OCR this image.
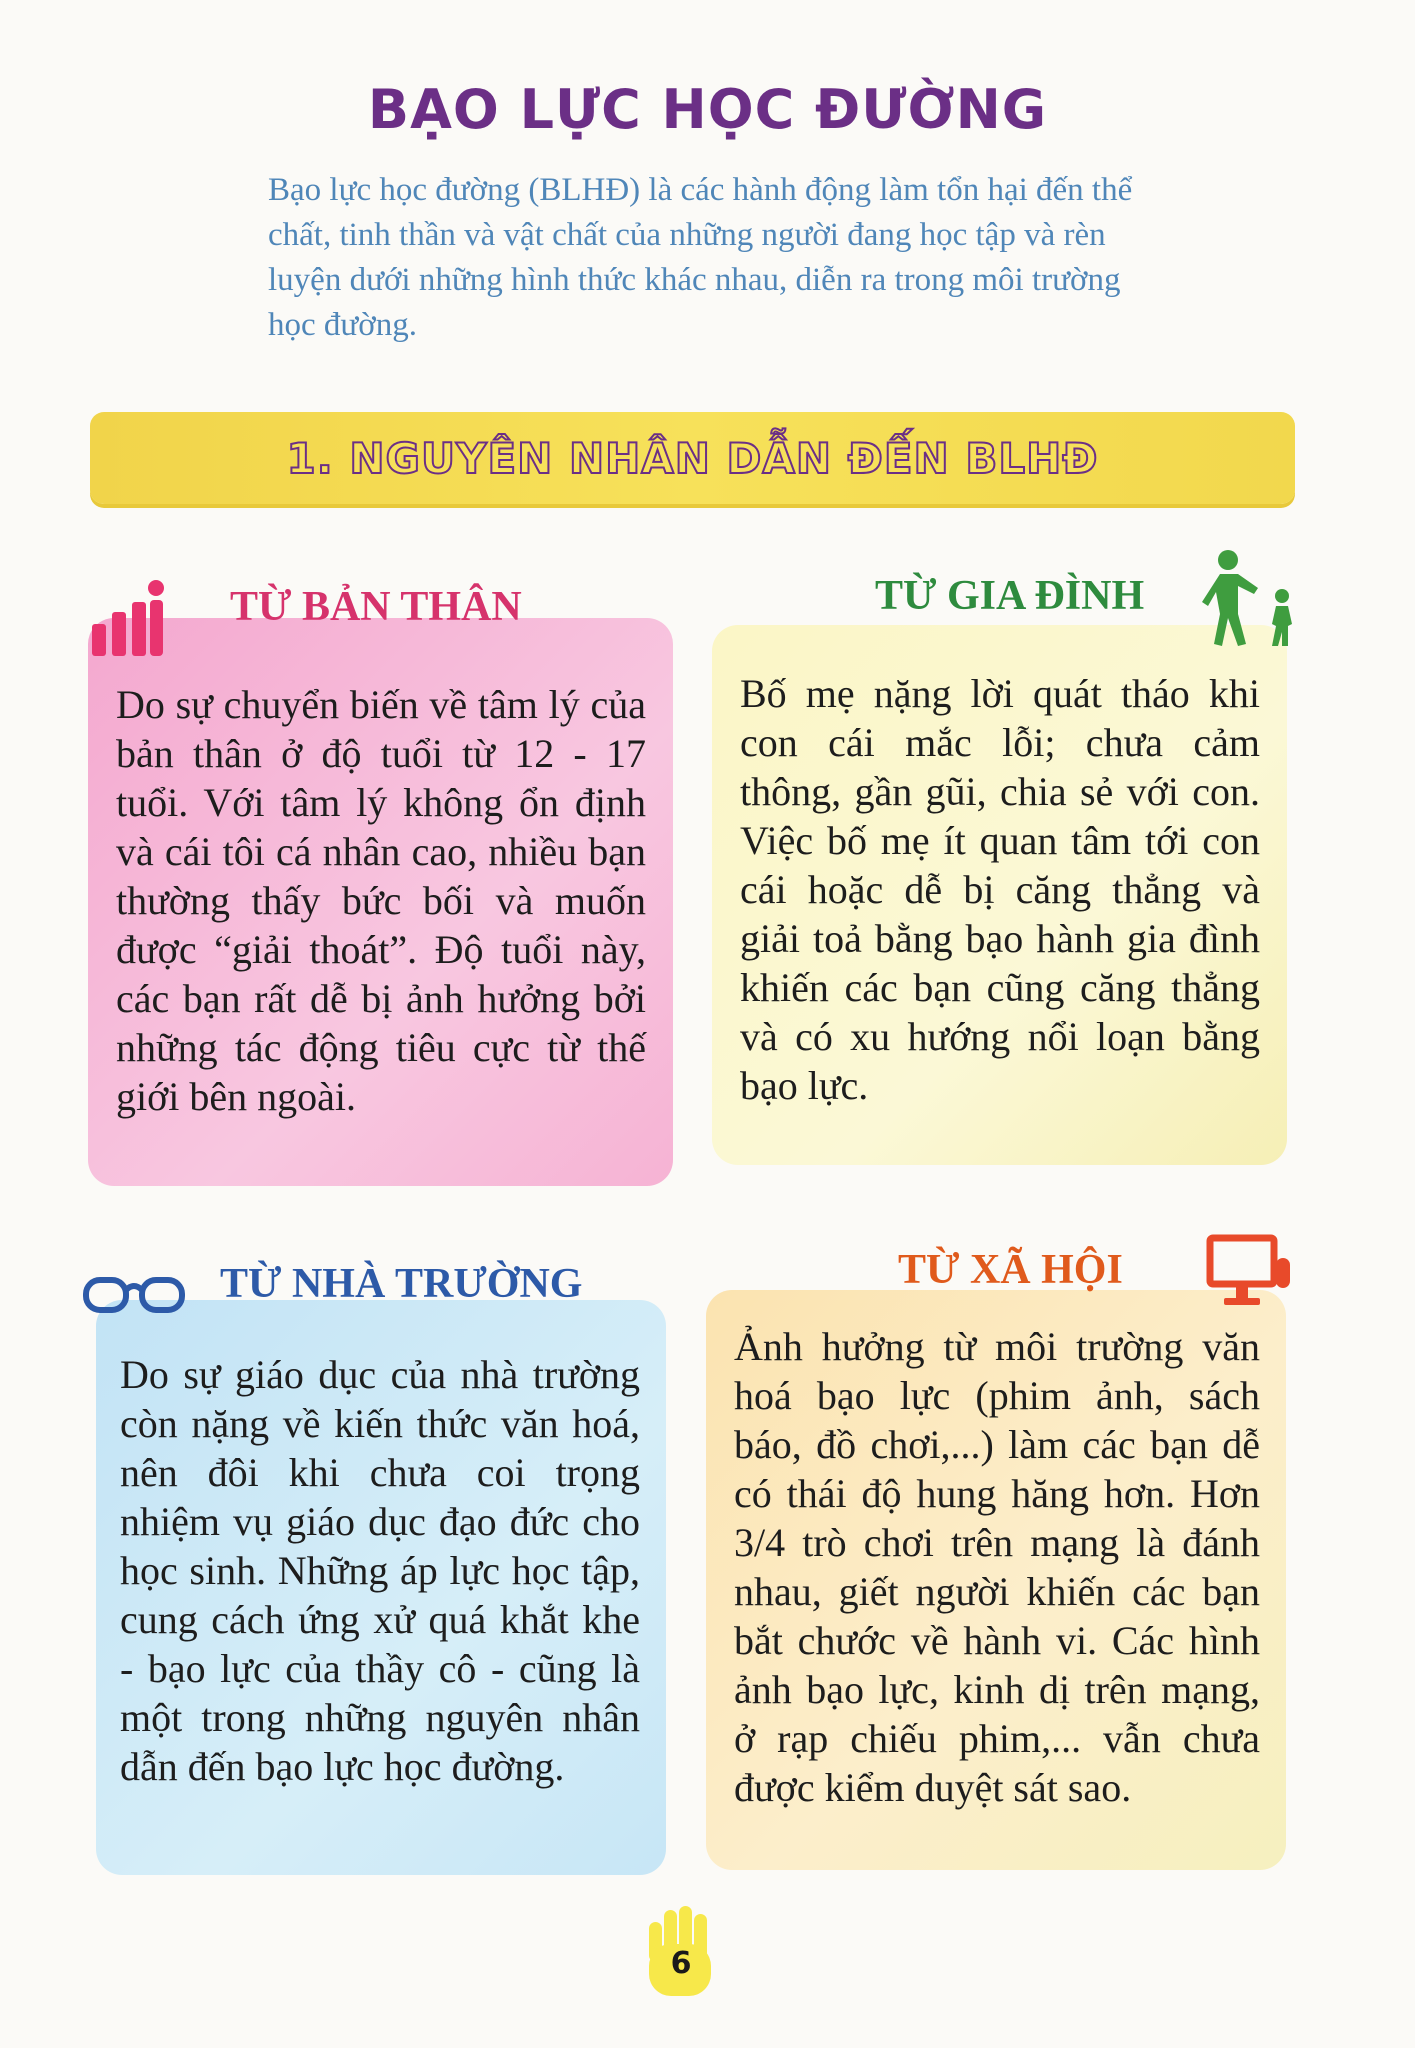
BẠO LỰC HỌC ĐƯỜNG

Bạo lực học đường (BLHĐ) là các hành động làm tổn hại đến thể chất, tinh thần và vật chất của những người đang học tập và rèn luyện dưới những hình thức khác nhau, diễn ra trong môi trường học đường.

1. NGUYÊN NHÂN DẪN ĐẾN BLHĐ

Do sự chuyển biến về tâm lý của bản thân ở độ tuổi từ 12 - 17 tuổi. Với tâm lý không ổn định và cái tôi cá nhân cao, nhiều bạn thường thấy bức bối và muốn được “giải thoát”. Độ tuổi này, các bạn rất dễ bị ảnh hưởng bởi những tác động tiêu cực từ thế giới bên ngoài.

TỪ BẢN THÂN

Bố mẹ nặng lời quát tháo khi con cái mắc lỗi; chưa cảm thông, gần gũi, chia sẻ với con. Việc bố mẹ ít quan tâm tới con cái hoặc dễ bị căng thẳng và giải toả bằng bạo hành gia đình khiến các bạn cũng căng thẳng và có xu hướng nổi loạn bằng bạo lực.

TỪ GIA ĐÌNH

Do sự giáo dục của nhà trường còn nặng về kiến thức văn hoá, nên đôi khi chưa coi trọng nhiệm vụ giáo dục đạo đức cho học sinh. Những áp lực học tập, cung cách ứng xử quá khắt khe - bạo lực của thầy cô - cũng là một trong những nguyên nhân dẫn đến bạo lực học đường.

TỪ NHÀ TRƯỜNG

Ảnh hưởng từ môi trường văn hoá bạo lực (phim ảnh, sách báo, đồ chơi,...) làm các bạn dễ có thái độ hung hăng hơn. Hơn 3/4 trò chơi trên mạng là đánh nhau, giết người khiến các bạn bắt chước về hành vi. Các hình ảnh bạo lực, kinh dị trên mạng, ở rạp chiếu phim,... vẫn chưa được kiểm duyệt sát sao.

TỪ XÃ HỘI
6
